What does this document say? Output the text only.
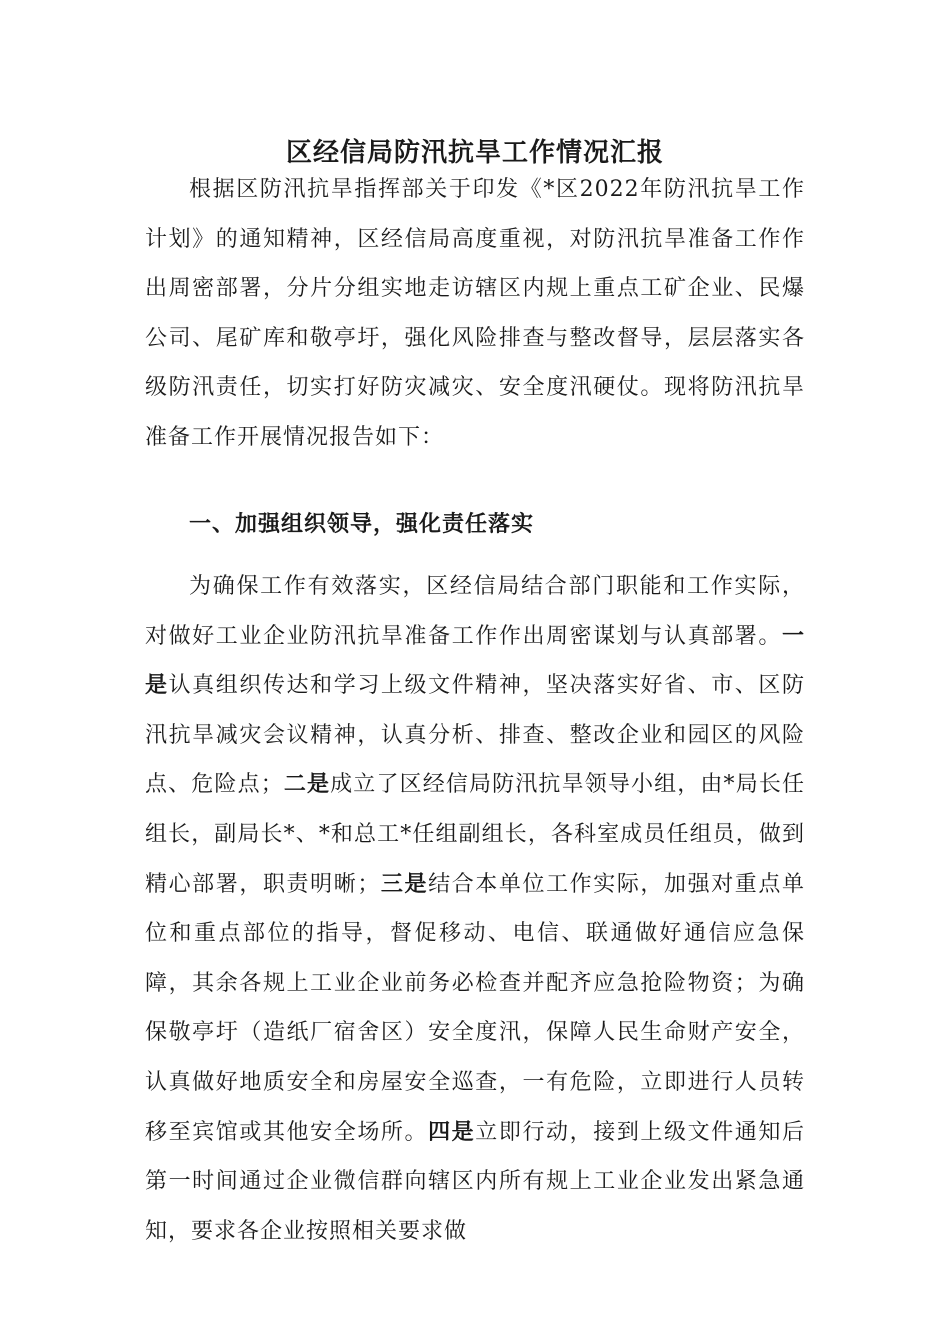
区经信局防汛抗旱工作情况汇报

根据区防汛抗旱指挥部关于印发《*区2022年防汛抗旱工作计划》的通知精神，区经信局高度重视，对防汛抗旱准备工作作出周密部署，分片分组实地走访辖区内规上重点工矿企业、民爆公司、尾矿库和敬亭圩，强化风险排查与整改督导，层层落实各级防汛责任，切实打好防灾减灾、安全度汛硬仗。现将防汛抗旱准备工作开展情况报告如下：

一、加强组织领导，强化责任落实

为确保工作有效落实，区经信局结合部门职能和工作实际，对做好工业企业防汛抗旱准备工作作出周密谋划与认真部署。一是认真组织传达和学习上级文件精神，坚决落实好省、市、区防汛抗旱减灾会议精神，认真分析、排查、整改企业和园区的风险点、危险点；二是成立了区经信局防汛抗旱领导小组，由*局长任组长，副局长*、*和总工*任组副组长，各科室成员任组员，做到精心部署，职责明晰；三是结合本单位工作实际，加强对重点单位和重点部位的指导，督促移动、电信、联通做好通信应急保障，其余各规上工业企业前务必检查并配齐应急抢险物资；为确保敬亭圩（造纸厂宿舍区）安全度汛，保障人民生命财产安全，认真做好地质安全和房屋安全巡查，一有危险，立即进行人员转移至宾馆或其他安全场所。四是立即行动，接到上级文件通知后第一时间通过企业微信群向辖区内所有规上工业企业发出紧急通知，要求各企业按照相关要求做
